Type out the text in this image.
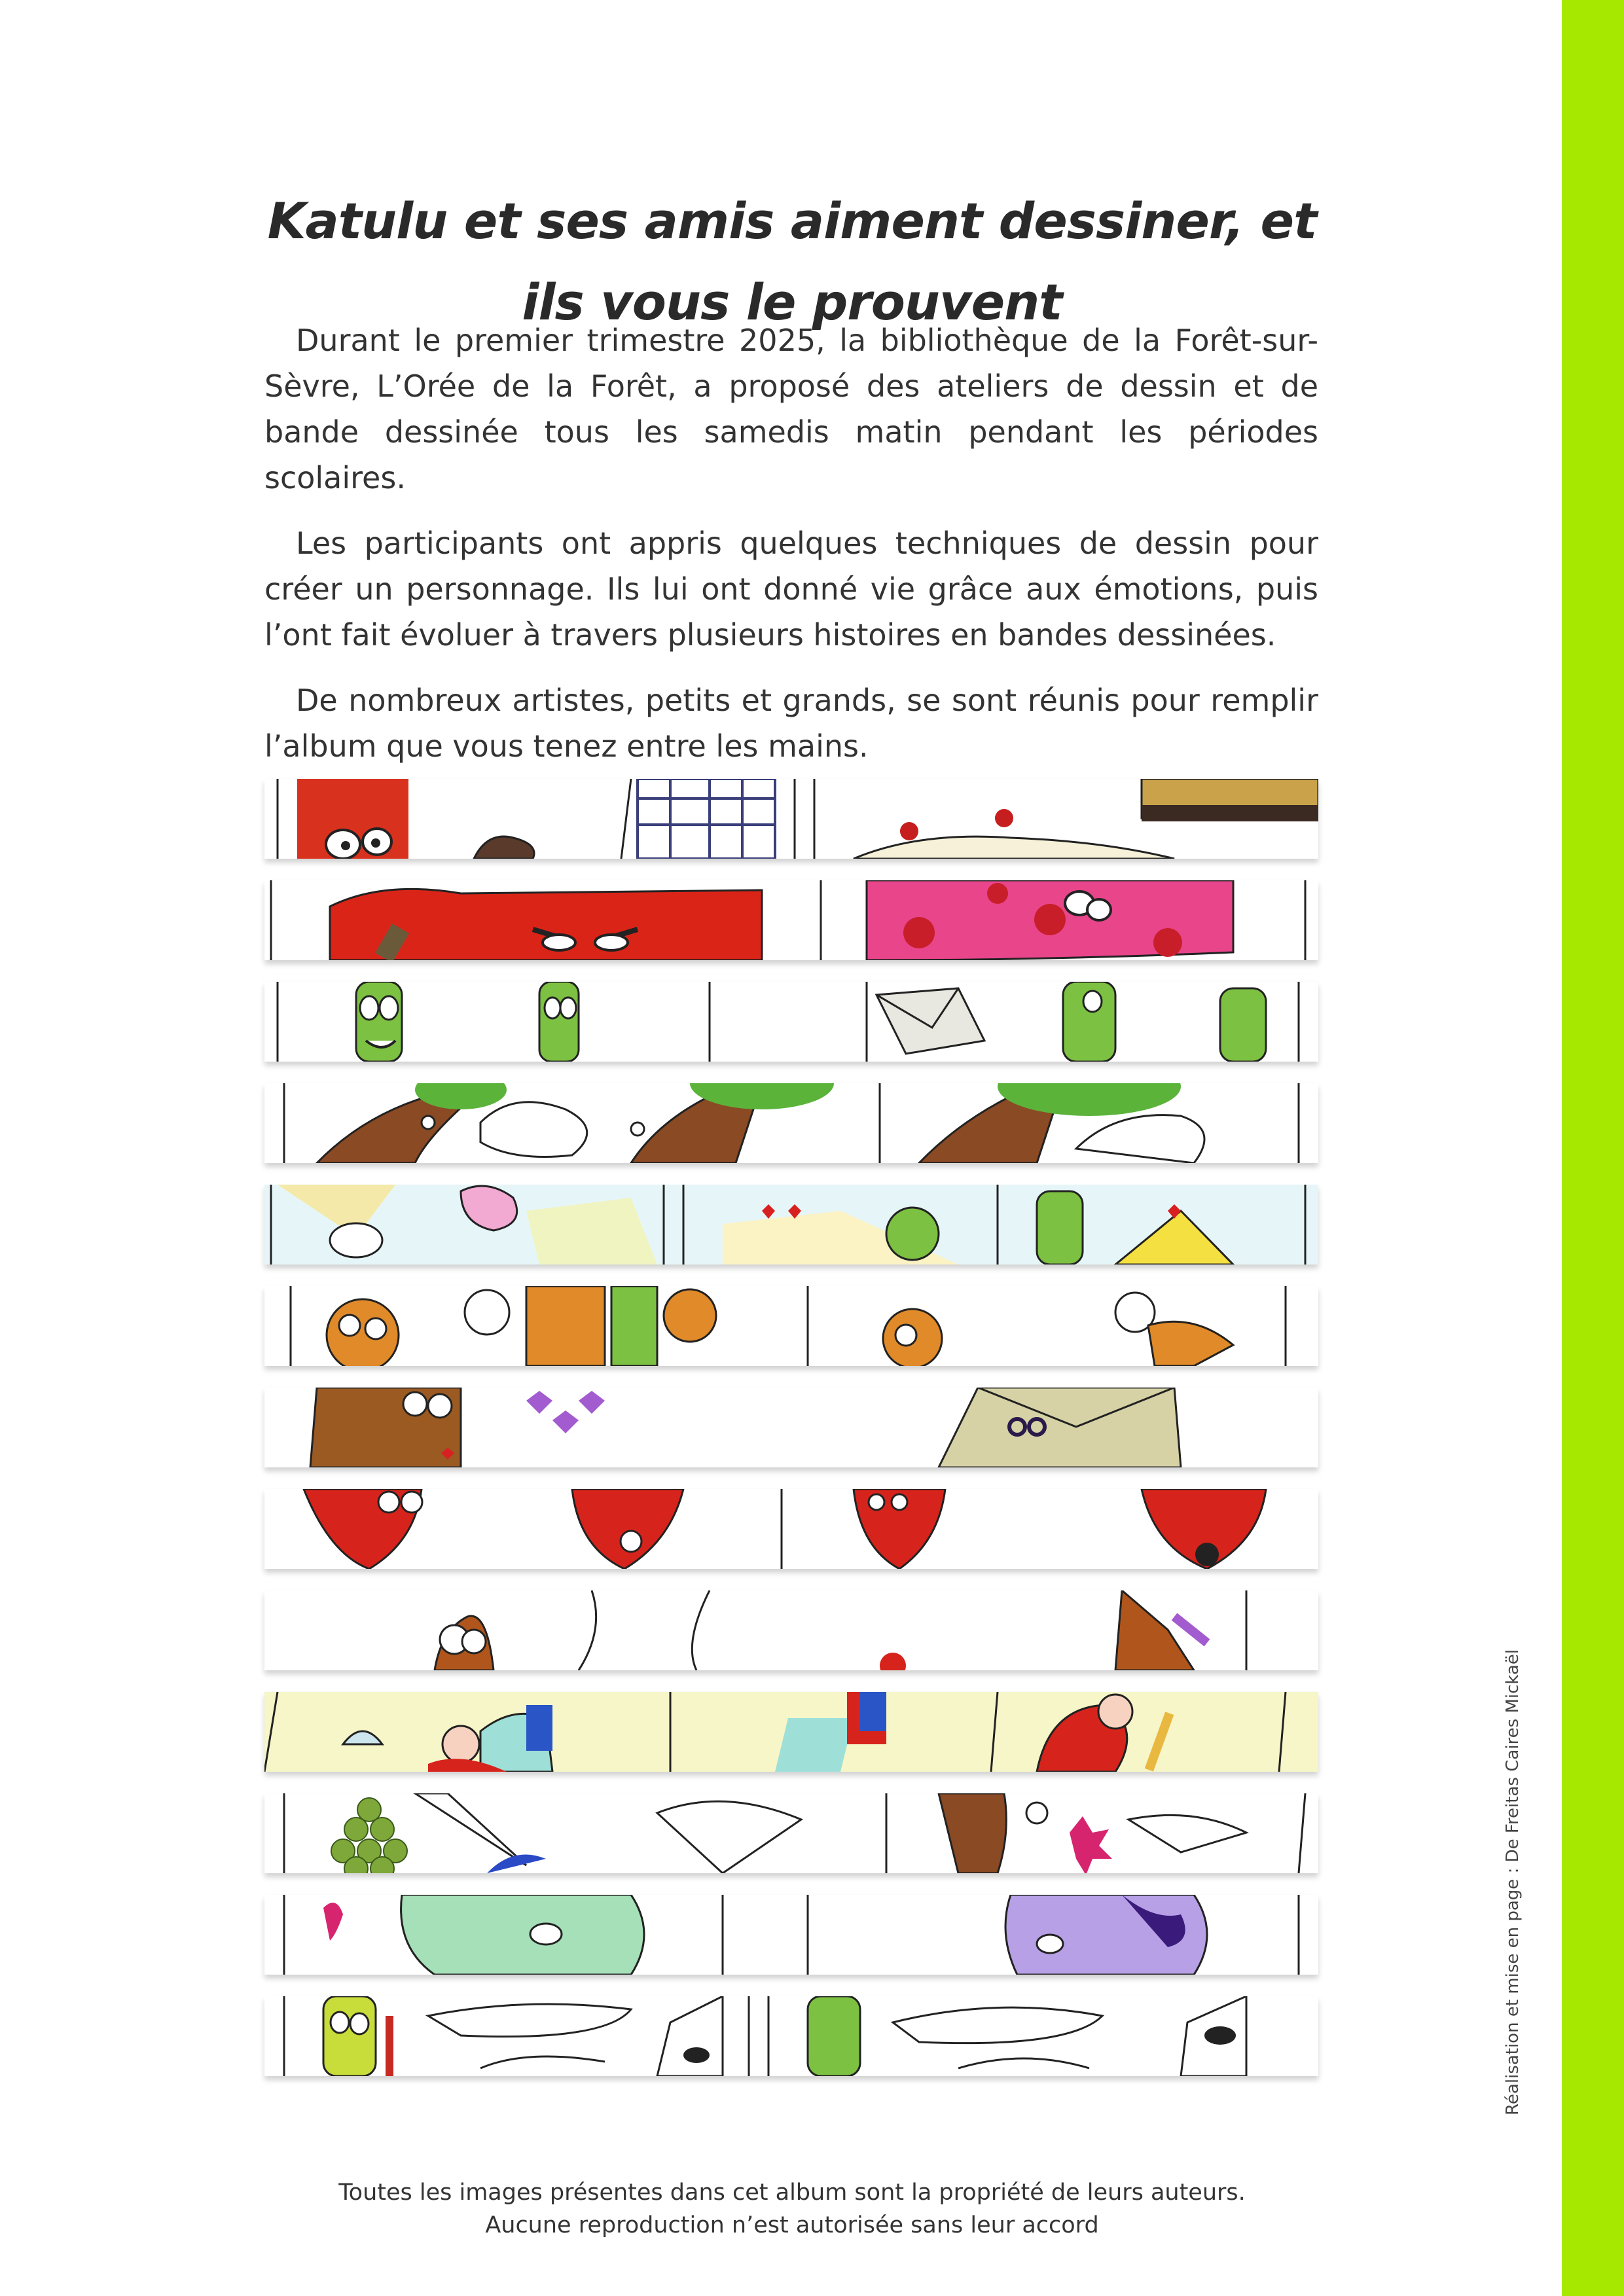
Katulu et ses amis aiment dessiner, et ils vous le prouvent

Durant le premier trimestre 2025, la bibliothèque de la Forêt-sur-Sèvre, L’Orée de la Forêt, a proposé des ateliers de dessin et de bande dessinée tous les samedis matin pendant les périodes scolaires.

Les participants ont appris quelques techniques de dessin pour créer un personnage. Ils lui ont donné vie grâce aux émotions, puis l’ont fait évoluer à travers plusieurs histoires en bandes dessinées.

De nombreux artistes, petits et grands, se sont réunis pour remplir l’album que vous tenez entre les mains.

Toutes les images présentes dans cet album sont la propriété de leurs auteurs.
Aucune reproduction n’est autorisée sans leur accord
Réalisation et mise en page : De Freitas Caires Mickaël
